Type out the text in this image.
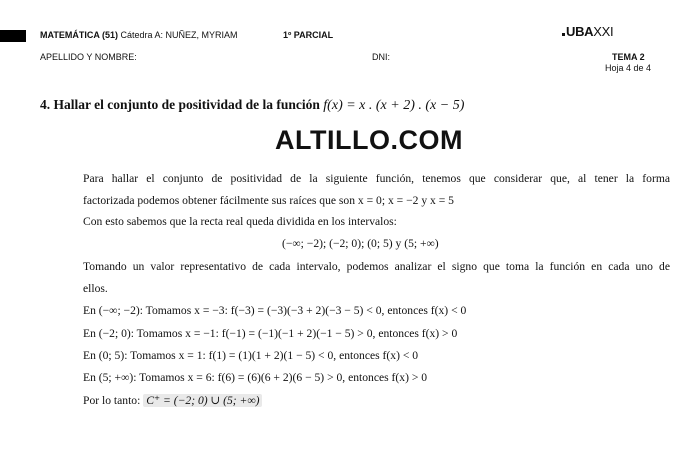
MATEMÁTICA (51) Cátedra A: NUÑEZ, MYRIAM	1º PARCIAL	UBAXXI
APELLIDO Y NOMBRE:	DNI:	TEMA 2
Hoja 4 de 4
4. Hallar el conjunto de positividad de la función f(x) = x . (x + 2) . (x − 5)
ALTILLO.COM
Para hallar el conjunto de positividad de la siguiente función, tenemos que considerar que, al tener la forma
factorizada podemos obtener fácilmente sus raíces que son x = 0; x = −2 y x = 5
Con esto sabemos que la recta real queda dividida en los intervalos:
(−∞; −2); (−2; 0); (0; 5) y (5; +∞)
Tomando un valor representativo de cada intervalo, podemos analizar el signo que toma la función en cada uno de
ellos.
En (−∞; −2): Tomamos x = −3: f(−3) = (−3)(−3 + 2)(−3 − 5) < 0, entonces f(x) < 0
En (−2; 0): Tomamos x = −1: f(−1) = (−1)(−1 + 2)(−1 − 5) > 0, entonces f(x) > 0
En (0; 5): Tomamos x = 1: f(1) = (1)(1 + 2)(1 − 5) < 0, entonces f(x) < 0
En (5; +∞): Tomamos x = 6: f(6) = (6)(6 + 2)(6 − 5) > 0, entonces f(x) > 0
Por lo tanto: C⁺ = (−2; 0) ∪ (5; +∞)
